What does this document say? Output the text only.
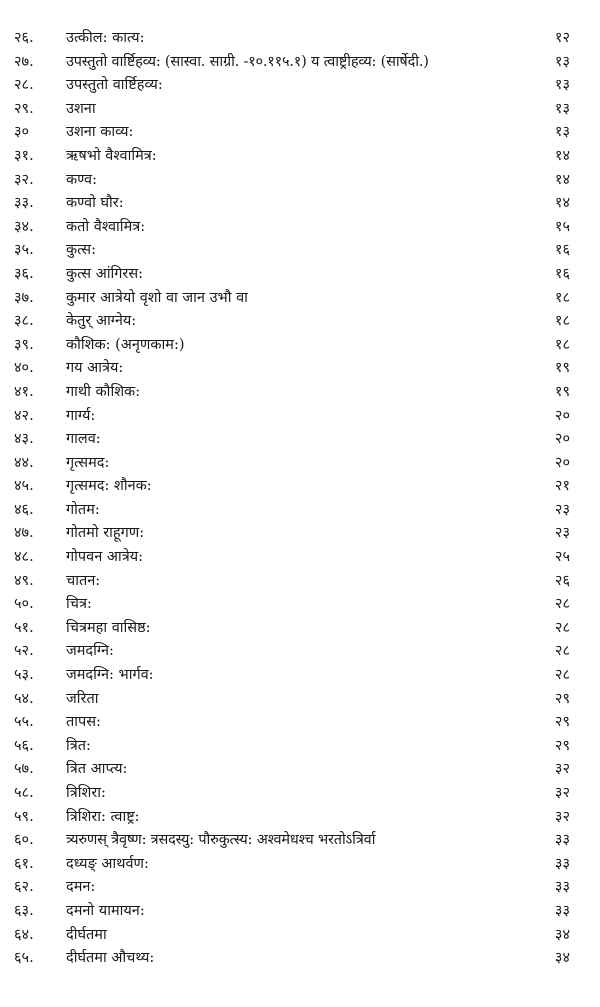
२६.	उत्कील: कात्य:	१२
२७.	उपस्तुतो वार्ष्टिहव्य: (सास्वा. साग्री. -१०.११५.१) य त्वाष्ट्रीहव्य: (सार्षेदी.)	१३
२८.	उपस्तुतो वार्ष्टिहव्य:	१३
२९.	उशना	१३
३०	उशना काव्य:	१३
३१.	ऋषभो वैश्वामित्र:	१४
३२.	कण्व:	१४
३३.	कण्वो घौर:	१४
३४.	कतो वैश्वामित्र:	१५
३५.	कुत्स:	१६
३६.	कुत्स आंगिरस:	१६
३७.	कुमार आत्रेयो वृशो वा जान उभौ वा	१८
३८.	केतुर् आग्नेय:	१८
३९.	कौशिक: (अनृणकाम:)	१८
४०.	गय आत्रेय:	१९
४१.	गाथी कौशिक:	१९
४२.	गार्ग्य:	२०
४३.	गालव:	२०
४४.	गृत्समद:	२०
४५.	गृत्समद: शौनक:	२१
४६.	गोतम:	२३
४७.	गोतमो राहूगण:	२३
४८.	गोपवन आत्रेय:	२५
४९.	चातन:	२६
५०.	चित्र:	२८
५१.	चित्रमहा वासिष्ठ:	२८
५२.	जमदग्नि:	२८
५३.	जमदग्नि: भार्गव:	२८
५४.	जरिता	२९
५५.	तापस:	२९
५६.	त्रित:	२९
५७.	त्रित आप्त्य:	३२
५८.	त्रिशिरा:	३२
५९.	त्रिशिरा: त्वाष्ट्र:	३२
६०.	त्र्यरुणस् त्रैवृष्ण: त्रसदस्यु: पौरुकुत्स्य: अश्वमेधश्च भरतोऽत्रिर्वा	३३
६१.	दध्यङ् आथर्वण:	३३
६२.	दमन:	३३
६३.	दमनो यामायन:	३३
६४.	दीर्घतमा	३४
६५.	दीर्घतमा औचथ्य:	३४
